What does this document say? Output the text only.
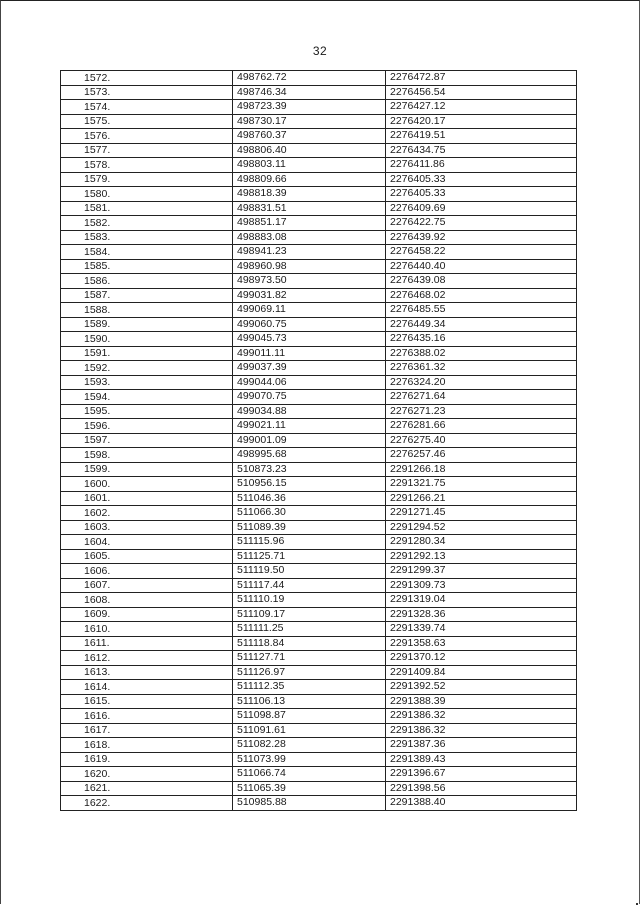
32
1572.	498762.72	2276472.87
1573.	498746.34	2276456.54
1574.	498723.39	2276427.12
1575.	498730.17	2276420.17
1576.	498760.37	2276419.51
1577.	498806.40	2276434.75
1578.	498803.11	2276411.86
1579.	498809.66	2276405.33
1580.	498818.39	2276405.33
1581.	498831.51	2276409.69
1582.	498851.17	2276422.75
1583.	498883.08	2276439.92
1584.	498941.23	2276458.22
1585.	498960.98	2276440.40
1586.	498973.50	2276439.08
1587.	499031.82	2276468.02
1588.	499069.11	2276485.55
1589.	499060.75	2276449.34
1590.	499045.73	2276435.16
1591.	499011.11	2276388.02
1592.	499037.39	2276361.32
1593.	499044.06	2276324.20
1594.	499070.75	2276271.64
1595.	499034.88	2276271.23
1596.	499021.11	2276281.66
1597.	499001.09	2276275.40
1598.	498995.68	2276257.46
1599.	510873.23	2291266.18
1600.	510956.15	2291321.75
1601.	511046.36	2291266.21
1602.	511066.30	2291271.45
1603.	511089.39	2291294.52
1604.	511115.96	2291280.34
1605.	511125.71	2291292.13
1606.	511119.50	2291299.37
1607.	511117.44	2291309.73
1608.	511110.19	2291319.04
1609.	511109.17	2291328.36
1610.	511111.25	2291339.74
1611.	511118.84	2291358.63
1612.	511127.71	2291370.12
1613.	511126.97	2291409.84
1614.	511112.35	2291392.52
1615.	511106.13	2291388.39
1616.	511098.87	2291386.32
1617.	511091.61	2291386.32
1618.	511082.28	2291387.36
1619.	511073.99	2291389.43
1620.	511066.74	2291396.67
1621.	511065.39	2291398.56
1622.	510985.88	2291388.40
